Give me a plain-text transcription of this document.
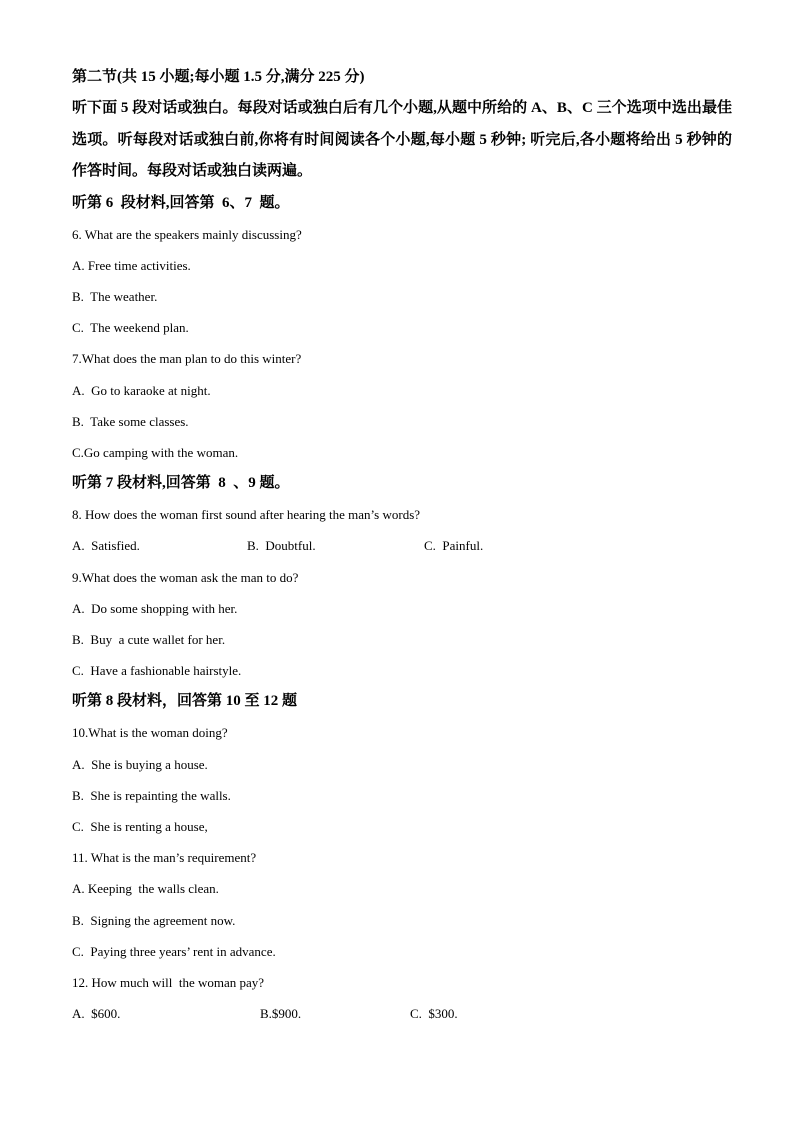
第二节(共 15 小题;每小题 1.5 分,满分 225 分)
听下面 5 段对话或独白。每段对话或独白后有几个小题,从题中所给的 A、B、C 三个选项中选出最佳选项。听每段对话或独白前,你将有时间阅读各个小题,每小题 5 秒钟; 听完后,各小题将给出 5 秒钟的作答时间。每段对话或独白读两遍。
听第 6  段材料,回答第  6、7  题。
6. What are the speakers mainly discussing?
A. Free time activities.
B.  The weather.
C.  The weekend plan.
7.What does the man plan to do this winter?
A.  Go to karaoke at night.
B.  Take some classes.
C.Go camping with the woman.
听第 7 段材料,回答第  8  、9 题。
8. How does the woman first sound after hearing the man’s words?
A.  Satisfied.	B.  Doubtful.	C.  Painful.
9.What does the woman ask the man to do?
A.  Do some shopping with her.
B.  Buy  a cute wallet for her.
C.  Have a fashionable hairstyle.
听第 8 段材料，回答第 10 至 12 题
10.What is the woman doing?
A.  She is buying a house.
B.  She is repainting the walls.
C.  She is renting a house,
11. What is the man’s requirement?
A. Keeping  the walls clean.
B.  Signing the agreement now.
C.  Paying three years’ rent in advance.
12. How much will  the woman pay?
A.  $600.	B.$900.	C.  $300.
